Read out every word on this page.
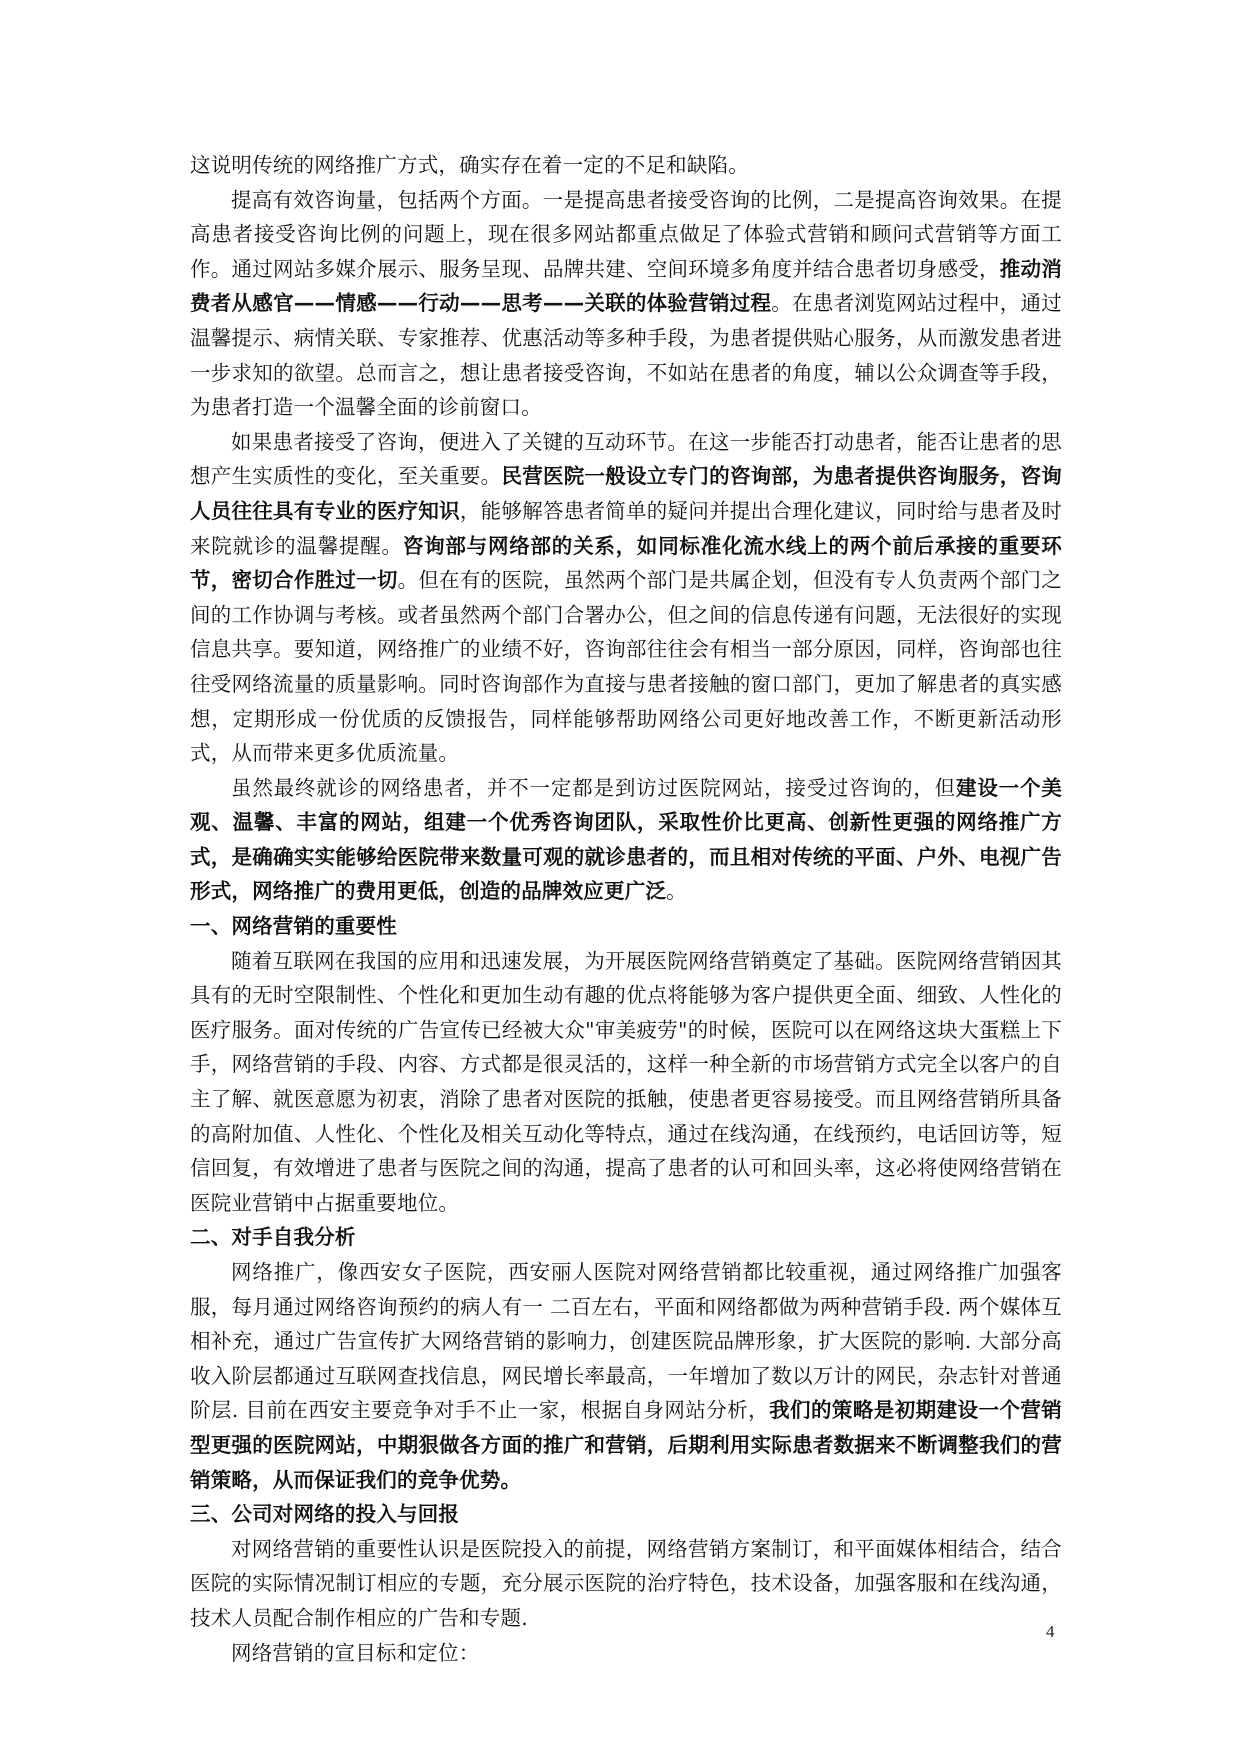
这说明传统的网络推广方式，确实存在着一定的不足和缺陷。

提高有效咨询量，包括两个方面。一是提高患者接受咨询的比例，二是提高咨询效果。在提高患者接受咨询比例的问题上，现在很多网站都重点做足了体验式营销和顾问式营销等方面工作。通过网站多媒介展示、服务呈现、品牌共建、空间环境多角度并结合患者切身感受，推动消费者从感官——情感——行动——思考——关联的体验营销过程。在患者浏览网站过程中，通过温馨提示、病情关联、专家推荐、优惠活动等多种手段，为患者提供贴心服务，从而激发患者进一步求知的欲望。总而言之，想让患者接受咨询，不如站在患者的角度，辅以公众调查等手段，为患者打造一个温馨全面的诊前窗口。

如果患者接受了咨询，便进入了关键的互动环节。在这一步能否打动患者，能否让患者的思想产生实质性的变化，至关重要。民营医院一般设立专门的咨询部，为患者提供咨询服务，咨询人员往往具有专业的医疗知识，能够解答患者简单的疑问并提出合理化建议，同时给与患者及时来院就诊的温馨提醒。咨询部与网络部的关系，如同标准化流水线上的两个前后承接的重要环节，密切合作胜过一切。但在有的医院，虽然两个部门是共属企划，但没有专人负责两个部门之间的工作协调与考核。或者虽然两个部门合署办公，但之间的信息传递有问题，无法很好的实现信息共享。要知道，网络推广的业绩不好，咨询部往往会有相当一部分原因，同样，咨询部也往往受网络流量的质量影响。同时咨询部作为直接与患者接触的窗口部门，更加了解患者的真实感想，定期形成一份优质的反馈报告，同样能够帮助网络公司更好地改善工作，不断更新活动形式，从而带来更多优质流量。

虽然最终就诊的网络患者，并不一定都是到访过医院网站，接受过咨询的，但建设一个美观、温馨、丰富的网站，组建一个优秀咨询团队，采取性价比更高、创新性更强的网络推广方式，是确确实实能够给医院带来数量可观的就诊患者的，而且相对传统的平面、户外、电视广告形式，网络推广的费用更低，创造的品牌效应更广泛。

一、网络营销的重要性

随着互联网在我国的应用和迅速发展，为开展医院网络营销奠定了基础。医院网络营销因其具有的无时空限制性、个性化和更加生动有趣的优点将能够为客户提供更全面、细致、人性化的医疗服务。面对传统的广告宣传已经被大众"审美疲劳"的时候，医院可以在网络这块大蛋糕上下手，网络营销的手段、内容、方式都是很灵活的，这样一种全新的市场营销方式完全以客户的自主了解、就医意愿为初衷，消除了患者对医院的抵触，使患者更容易接受。而且网络营销所具备的高附加值、人性化、个性化及相关互动化等特点，通过在线沟通，在线预约，电话回访等，短信回复，有效增进了患者与医院之间的沟通，提高了患者的认可和回头率，这必将使网络营销在医院业营销中占据重要地位。

二、对手自我分析

网络推广，像西安女子医院，西安丽人医院对网络营销都比较重视，通过网络推广加强客服，每月通过网络咨询预约的病人有一 二百左右，平面和网络都做为两种营销手段. 两个媒体互相补充，通过广告宣传扩大网络营销的影响力，创建医院品牌形象，扩大医院的影响. 大部分高收入阶层都通过互联网查找信息，网民增长率最高，一年增加了数以万计的网民，杂志针对普通阶层. 目前在西安主要竞争对手不止一家，根据自身网站分析，我们的策略是初期建设一个营销型更强的医院网站，中期狠做各方面的推广和营销，后期利用实际患者数据来不断调整我们的营销策略，从而保证我们的竞争优势。

三、公司对网络的投入与回报

对网络营销的重要性认识是医院投入的前提，网络营销方案制订，和平面媒体相结合，结合医院的实际情况制订相应的专题，充分展示医院的治疗特色，技术设备，加强客服和在线沟通，技术人员配合制作相应的广告和专题.

网络营销的宣目标和定位：

4
